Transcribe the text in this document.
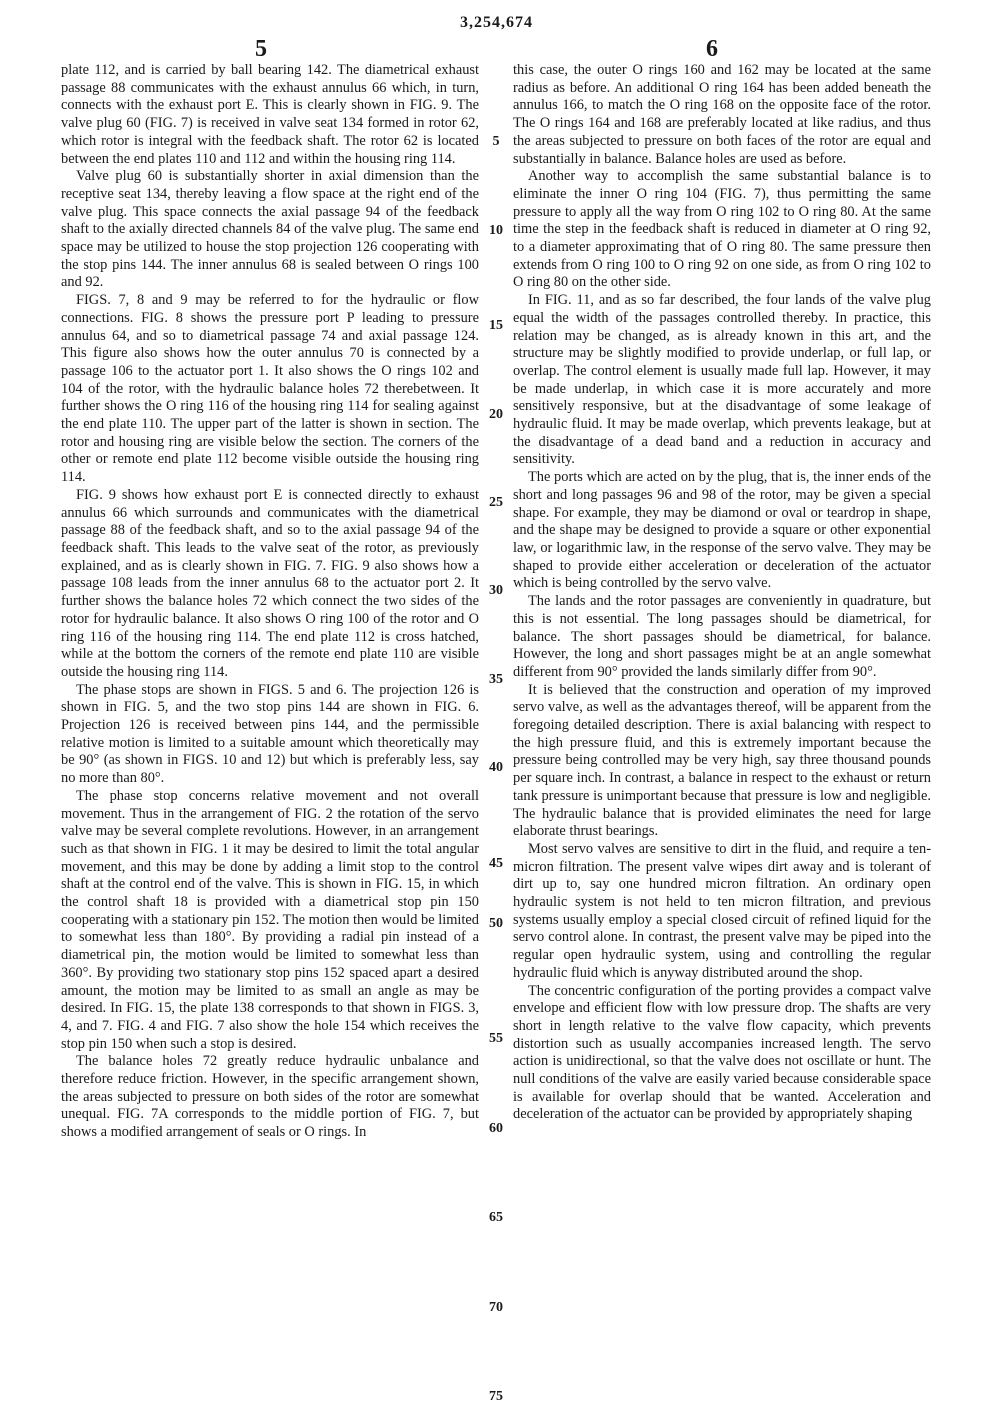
3,254,674
5	6

plate 112, and is carried by ball bearing 142. The diametrical exhaust passage 88 communicates with the exhaust annulus 66 which, in turn, connects with the exhaust port E. This is clearly shown in FIG. 9. The valve plug 60 (FIG. 7) is received in valve seat 134 formed in rotor 62, which rotor is integral with the feedback shaft. The rotor 62 is located between the end plates 110 and 112 and within the housing ring 114.

Valve plug 60 is substantially shorter in axial dimension than the receptive seat 134, thereby leaving a flow space at the right end of the valve plug. This space connects the axial passage 94 of the feedback shaft to the axially directed channels 84 of the valve plug. The same end space may be utilized to house the stop projection 126 cooperating with the stop pins 144. The inner annulus 68 is sealed between O rings 100 and 92.

FIGS. 7, 8 and 9 may be referred to for the hydraulic or flow connections. FIG. 8 shows the pressure port P leading to pressure annulus 64, and so to diametrical passage 74 and axial passage 124. This figure also shows how the outer annulus 70 is connected by a passage 106 to the actuator port 1. It also shows the O rings 102 and 104 of the rotor, with the hydraulic balance holes 72 therebetween. It further shows the O ring 116 of the housing ring 114 for sealing against the end plate 110. The upper part of the latter is shown in section. The rotor and housing ring are visible below the section. The corners of the other or remote end plate 112 become visible outside the housing ring 114.

FIG. 9 shows how exhaust port E is connected directly to exhaust annulus 66 which surrounds and communicates with the diametrical passage 88 of the feedback shaft, and so to the axial passage 94 of the feedback shaft. This leads to the valve seat of the rotor, as previously explained, and as is clearly shown in FIG. 7. FIG. 9 also shows how a passage 108 leads from the inner annulus 68 to the actuator port 2. It further shows the balance holes 72 which connect the two sides of the rotor for hydraulic balance. It also shows O ring 100 of the rotor and O ring 116 of the housing ring 114. The end plate 112 is cross hatched, while at the bottom the corners of the remote end plate 110 are visible outside the housing ring 114.

The phase stops are shown in FIGS. 5 and 6. The projection 126 is shown in FIG. 5, and the two stop pins 144 are shown in FIG. 6. Projection 126 is received between pins 144, and the permissible relative motion is limited to a suitable amount which theoretically may be 90° (as shown in FIGS. 10 and 12) but which is preferably less, say no more than 80°.

The phase stop concerns relative movement and not overall movement. Thus in the arrangement of FIG. 2 the rotation of the servo valve may be several complete revolutions. However, in an arrangement such as that shown in FIG. 1 it may be desired to limit the total angular movement, and this may be done by adding a limit stop to the control shaft at the control end of the valve. This is shown in FIG. 15, in which the control shaft 18 is provided with a diametrical stop pin 150 cooperating with a stationary pin 152. The motion then would be limited to somewhat less than 180°. By providing a radial pin instead of a diametrical pin, the motion would be limited to somewhat less than 360°. By providing two stationary stop pins 152 spaced apart a desired amount, the motion may be limited to as small an angle as may be desired. In FIG. 15, the plate 138 corresponds to that shown in FIGS. 3, 4, and 7. FIG. 4 and FIG. 7 also show the hole 154 which receives the stop pin 150 when such a stop is desired.

The balance holes 72 greatly reduce hydraulic unbalance and therefore reduce friction. However, in the specific arrangement shown, the areas subjected to pressure on both sides of the rotor are somewhat unequal. FIG. 7A corresponds to the middle portion of FIG. 7, but shows a modified arrangement of seals or O rings. In

5
10
15
20
25
30
35
40
45
50
55
60
65
70
75

this case, the outer O rings 160 and 162 may be located at the same radius as before. An additional O ring 164 has been added beneath the annulus 166, to match the O ring 168 on the opposite face of the rotor. The O rings 164 and 168 are preferably located at like radius, and thus the areas subjected to pressure on both faces of the rotor are equal and substantially in balance. Balance holes are used as before.

Another way to accomplish the same substantial balance is to eliminate the inner O ring 104 (FIG. 7), thus permitting the same pressure to apply all the way from O ring 102 to O ring 80. At the same time the step in the feedback shaft is reduced in diameter at O ring 92, to a diameter approximating that of O ring 80. The same pressure then extends from O ring 100 to O ring 92 on one side, as from O ring 102 to O ring 80 on the other side.

In FIG. 11, and as so far described, the four lands of the valve plug equal the width of the passages controlled thereby. In practice, this relation may be changed, as is already known in this art, and the structure may be slightly modified to provide underlap, or full lap, or overlap. The control element is usually made full lap. However, it may be made underlap, in which case it is more accurately and more sensitively responsive, but at the disadvantage of some leakage of hydraulic fluid. It may be made overlap, which prevents leakage, but at the disadvantage of a dead band and a reduction in accuracy and sensitivity.

The ports which are acted on by the plug, that is, the inner ends of the short and long passages 96 and 98 of the rotor, may be given a special shape. For example, they may be diamond or oval or teardrop in shape, and the shape may be designed to provide a square or other exponential law, or logarithmic law, in the response of the servo valve. They may be shaped to provide either acceleration or deceleration of the actuator which is being controlled by the servo valve.

The lands and the rotor passages are conveniently in quadrature, but this is not essential. The long passages should be diametrical, for balance. The short passages should be diametrical, for balance. However, the long and short passages might be at an angle somewhat different from 90° provided the lands similarly differ from 90°.

It is believed that the construction and operation of my improved servo valve, as well as the advantages thereof, will be apparent from the foregoing detailed description. There is axial balancing with respect to the high pressure fluid, and this is extremely important because the pressure being controlled may be very high, say three thousand pounds per square inch. In contrast, a balance in respect to the exhaust or return tank pressure is unimportant because that pressure is low and negligible. The hydraulic balance that is provided eliminates the need for large elaborate thrust bearings.

Most servo valves are sensitive to dirt in the fluid, and require a ten-micron filtration. The present valve wipes dirt away and is tolerant of dirt up to, say one hundred micron filtration. An ordinary open hydraulic system is not held to ten micron filtration, and previous systems usually employ a special closed circuit of refined liquid for the servo control alone. In contrast, the present valve may be piped into the regular open hydraulic system, using and controlling the regular hydraulic fluid which is anyway distributed around the shop.

The concentric configuration of the porting provides a compact valve envelope and efficient flow with low pressure drop. The shafts are very short in length relative to the valve flow capacity, which prevents distortion such as usually accompanies increased length. The servo action is unidirectional, so that the valve does not oscillate or hunt. The null conditions of the valve are easily varied because considerable space is available for overlap should that be wanted. Acceleration and deceleration of the actuator can be provided by appropriately shaping
